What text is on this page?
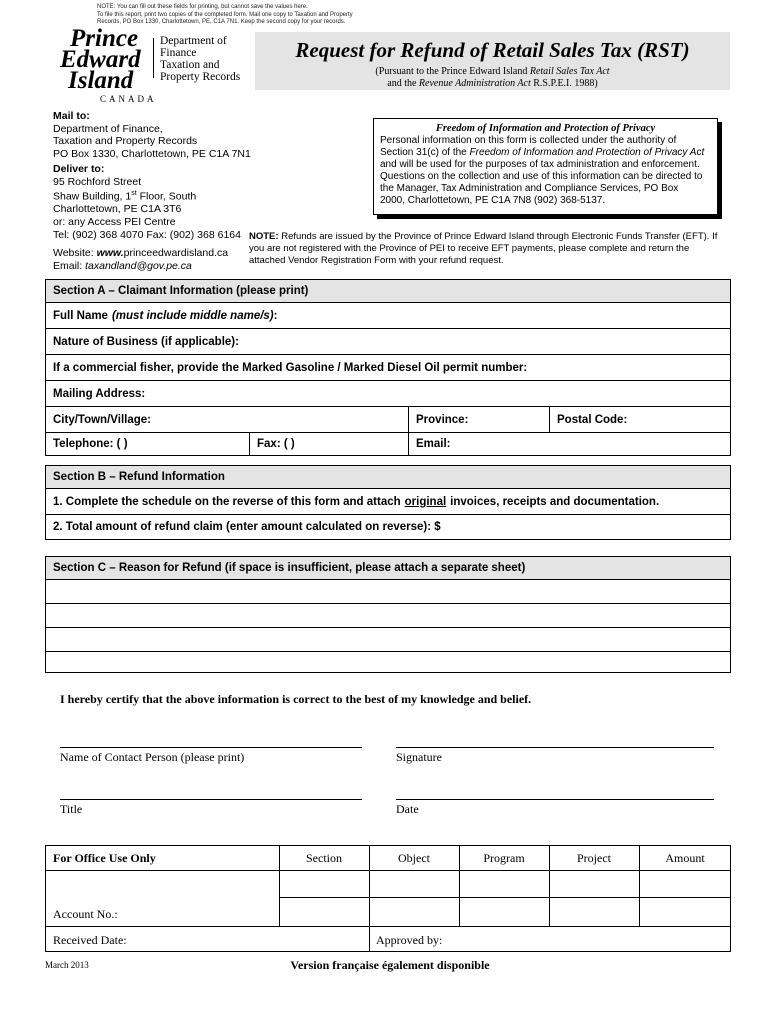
NOTE: You can fill out these fields for printing, but cannot save the values here.
To file this report, print two copies of the completed form. Mail one copy to Taxation and Property
Records, PO Box 1330, Charlottetown, PE, C1A 7N1. Keep the second copy for your records.
Prince
Edward
Island
CANADA
Department of
Finance
Taxation and
Property Records
Request for Refund of Retail Sales Tax (RST)
(Pursuant to the Prince Edward Island Retail Sales Tax Act
and the Revenue Administration Act R.S.P.E.I. 1988)
Mail to:
Department of Finance,
Taxation and Property Records
PO Box 1330, Charlottetown, PE C1A 7N1
Deliver to:
95 Rochford Street
Shaw Building, 1st Floor, South
Charlottetown, PE C1A 3T6
or: any Access PEI Centre
Tel: (902) 368 4070 Fax: (902) 368 6164
Website: www.princeedwardisland.ca
Email: taxandland@gov.pe.ca
Freedom of Information and Protection of Privacy
Personal information on this form is collected under the authority of
Section 31(c) of the Freedom of Information and Protection of Privacy Act
and will be used for the purposes of tax administration and enforcement.
Questions on the collection and use of this information can be directed to
the Manager, Tax Administration and Compliance Services, PO Box
2000, Charlottetown, PE C1A 7N8 (902) 368-5137.
NOTE: Refunds are issued by the Province of Prince Edward Island through Electronic Funds Transfer (EFT). If you are not registered with the Province of PEI to receive EFT payments, please complete and return the attached Vendor Registration Form with your refund request.
Section A – Claimant Information (please print)
Full Name (must include middle name/s) :
Nature of Business (if applicable):
If a commercial fisher, provide the Marked Gasoline / Marked Diesel Oil permit number:
Mailing Address:
City/Town/Village:	Province:	Postal Code:
Telephone: ( )	Fax: ( )	Email:
Section B – Refund Information
1. Complete the schedule on the reverse of this form and attach original invoices, receipts and documentation.
2. Total amount of refund claim (enter amount calculated on reverse): $
Section C – Reason for Refund (if space is insufficient, please attach a separate sheet)
I hereby certify that the above information is correct to the best of my knowledge and belief.
Name of Contact Person (please print)	Signature
Title	Date
For Office Use Only	Section	Object	Program	Project	Amount
Account No.:
Received Date:	Approved by:
March 2013	Version française également disponible
